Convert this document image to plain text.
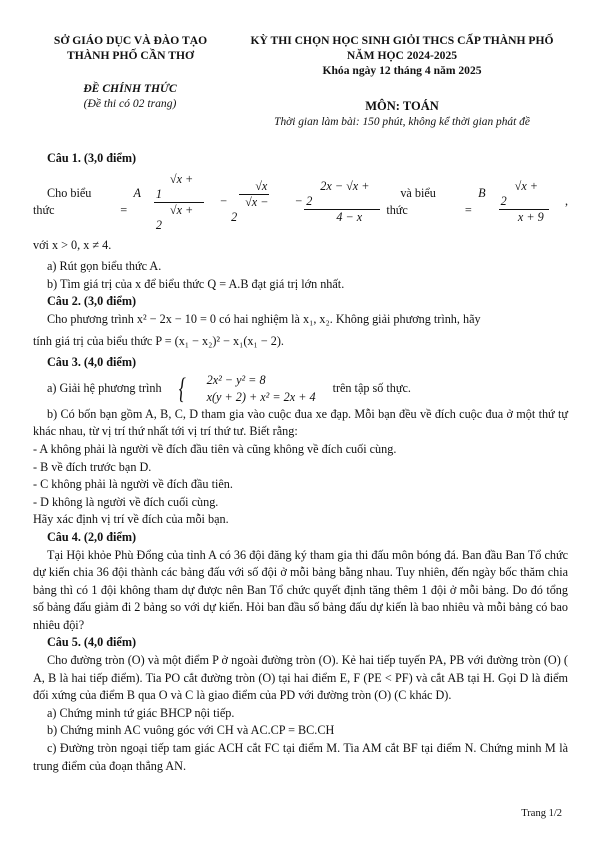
SỞ GIÁO DỤC VÀ ĐÀO TẠO
THÀNH PHỐ CẦN THƠ
KỲ THI CHỌN HỌC SINH GIỎI THCS CẤP THÀNH PHỐ
NĂM HỌC 2024-2025
Khóa ngày 12 tháng 4 năm 2025
ĐỀ CHÍNH THỨC
(Đề thi có 02 trang)	MÔN: TOÁN
Thời gian làm bài: 150 phút, không kể thời gian phát đề
Câu 1. (3,0 điểm)
Cho biểu thức
A =	$\frac{√x + 1}{√x + 2}$	− $\frac{√x}{√x - 2}$	− $\frac{2x - √x + 2}{4 - x}$	và biểu thức
B =	$\frac{√x + 2}{x + 9}$	,
với x > 0, x ≠ 4.
a) Rút gọn biểu thức A.
b) Tìm giá trị của x để biểu thức Q = A.B đạt giá trị lớn nhất.
Câu 2. (3,0 điểm)
Cho phương trình x² − 2x − 10 = 0 có hai nghiệm là x₁, x₂. Không giải phương trình, hãy
tính giá trị của biểu thức P = (x₁ − x₂)² − x₁(x₁ − 2).
Câu 3. (4,0 điểm)
a) Giải hệ phương trình {	2x² − y² = 8
x(y + 2) + x² = 2x + 4
trên tập số thực.
b) Có bốn bạn gồm A, B, C, D tham gia vào cuộc đua xe đạp. Mỗi bạn đều về đích cuộc đua ở một thứ tự khác nhau, từ vị trí thứ nhất tới vị trí thứ tư. Biết rằng:
- A không phải là người về đích đầu tiên và cũng không về đích cuối cùng.
- B về đích trước bạn D.
- C không phải là người về đích đầu tiên.
- D không là người về đích cuối cùng.
Hãy xác định vị trí về đích của mỗi bạn.
Câu 4. (2,0 điểm)
Tại Hội khỏe Phù Đổng của tỉnh A có 36 đội đăng ký tham gia thi đấu môn bóng đá. Ban đầu Ban Tổ chức dự kiến chia 36 đội thành các bảng đấu với số đội ở mỗi bảng bằng nhau. Tuy nhiên, đến ngày bốc thăm chia bảng thì có 1 đội không tham dự được nên Ban Tổ chức quyết định tăng thêm 1 đội ở mỗi bảng. Do đó tổng số bảng đấu giảm đi 2 bảng so với dự kiến. Hỏi ban đầu số bảng đấu dự kiến là bao nhiêu và mỗi bảng có bao nhiêu đội?
Câu 5. (4,0 điểm)
Cho đường tròn (O) và một điểm P ở ngoài đường tròn (O). Kẻ hai tiếp tuyến PA, PB với đường tròn (O) ( A, B là hai tiếp điểm). Tia PO cắt đường tròn (O) tại hai điểm E, F (PE < PF) và cắt AB tại H. Gọi D là điểm đối xứng của điểm B qua O và C là giao điểm của PD với đường tròn (O) (C khác D).
a) Chứng minh tứ giác BHCP nội tiếp.
b) Chứng minh AC vuông góc với CH và AC.CP = BC.CH
c) Đường tròn ngoại tiếp tam giác ACH cắt FC tại điểm M. Tia AM cắt BF tại điểm N. Chứng minh M là trung điểm của đoạn thẳng AN.
Trang 1/2
